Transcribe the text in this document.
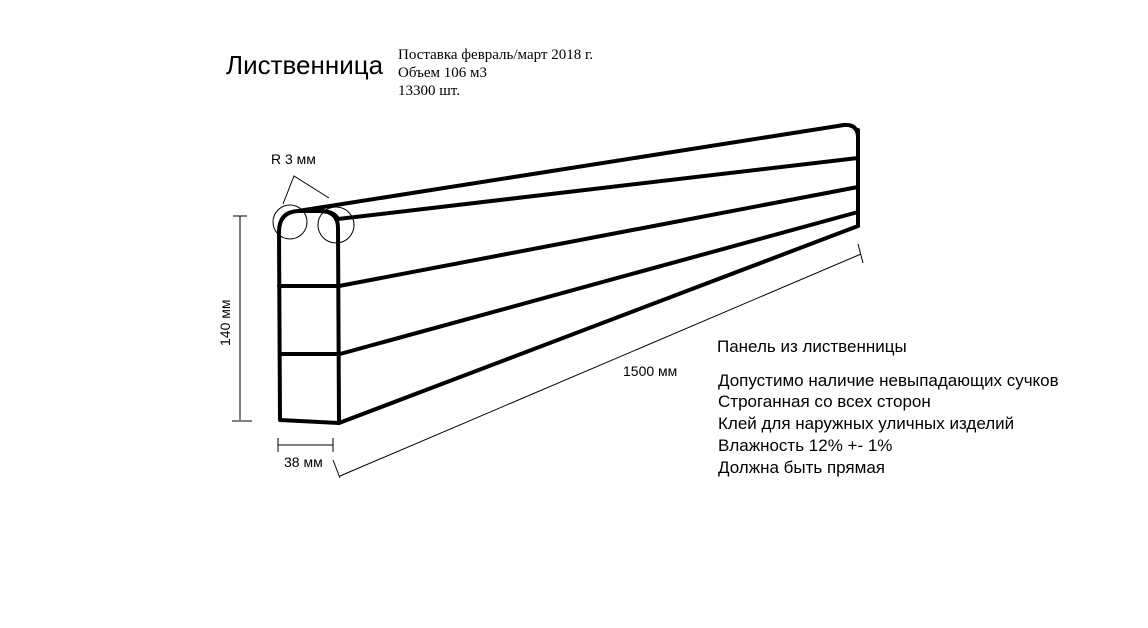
Лиственница Поставка февраль/март 2018 г.
Объем 106 м3
13300 шт.
R 3 мм
140 мм
38 мм
1500 мм
Панель из лиственницы
Допустимо наличие невыпадающих сучков
Строганная со всех сторон
Клей для наружных уличных изделий
Влажность 12% +- 1%
Должна быть прямая
